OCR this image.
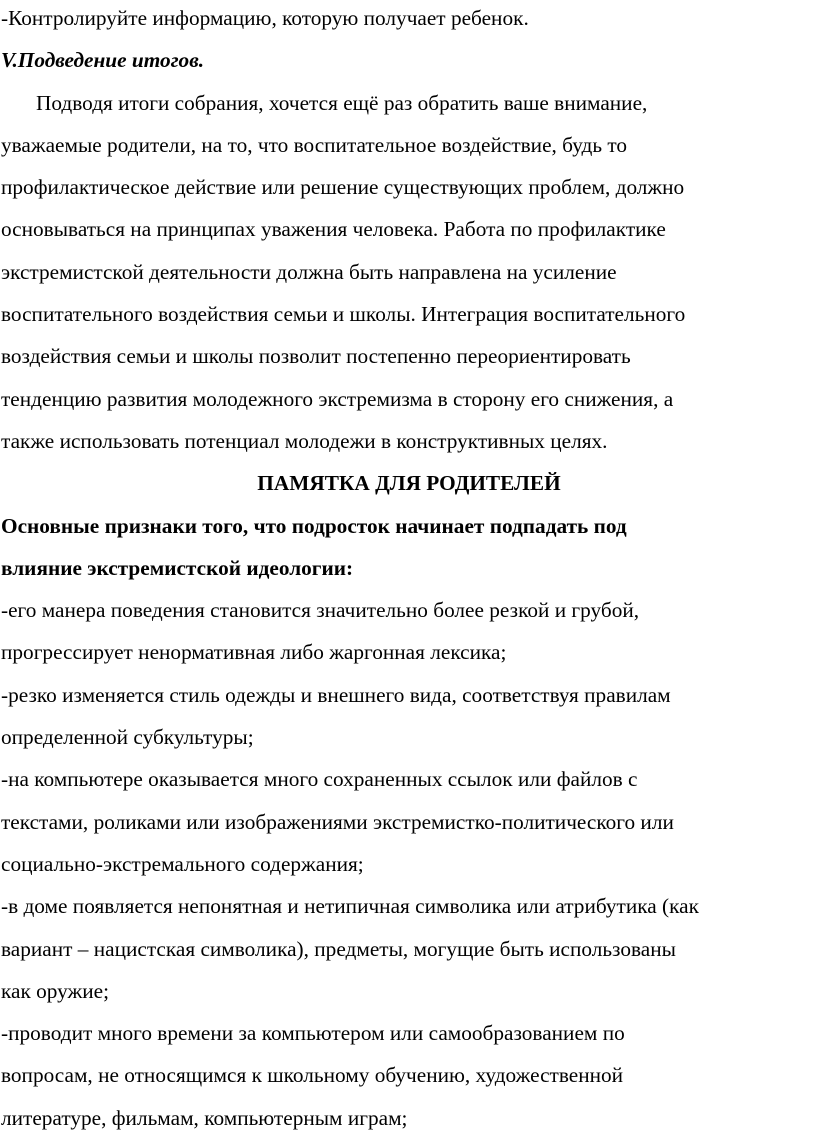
-Контролируйте информацию, которую получает ребенок.
V.Подведение итогов.
Подводя итоги собрания, хочется ещё раз обратить ваше внимание,
уважаемые родители, на то, что воспитательное воздействие, будь то
профилактическое действие или решение существующих проблем, должно
основываться на принципах уважения человека. Работа по профилактике
экстремистской деятельности должна быть направлена на усиление
воспитательного воздействия семьи и школы. Интеграция воспитательного
воздействия семьи и школы позволит постепенно переориентировать
тенденцию развития молодежного экстремизма в сторону его снижения, а
также использовать потенциал молодежи в конструктивных целях.
ПАМЯТКА ДЛЯ РОДИТЕЛЕЙ
Основные признаки того, что подросток начинает подпадать под
влияние экстремистской идеологии:
-его манера поведения становится значительно более резкой и грубой,
прогрессирует ненормативная либо жаргонная лексика;
-резко изменяется стиль одежды и внешнего вида, соответствуя правилам
определенной субкультуры;
-на компьютере оказывается много сохраненных ссылок или файлов с
текстами, роликами или изображениями экстремистко-политического или
социально-экстремального содержания;
-в доме появляется непонятная и нетипичная символика или атрибутика (как
вариант – нацистская символика), предметы, могущие быть использованы
как оружие;
-проводит много времени за компьютером или самообразованием по
вопросам, не относящимся к школьному обучению, художественной
литературе, фильмам, компьютерным играм;
